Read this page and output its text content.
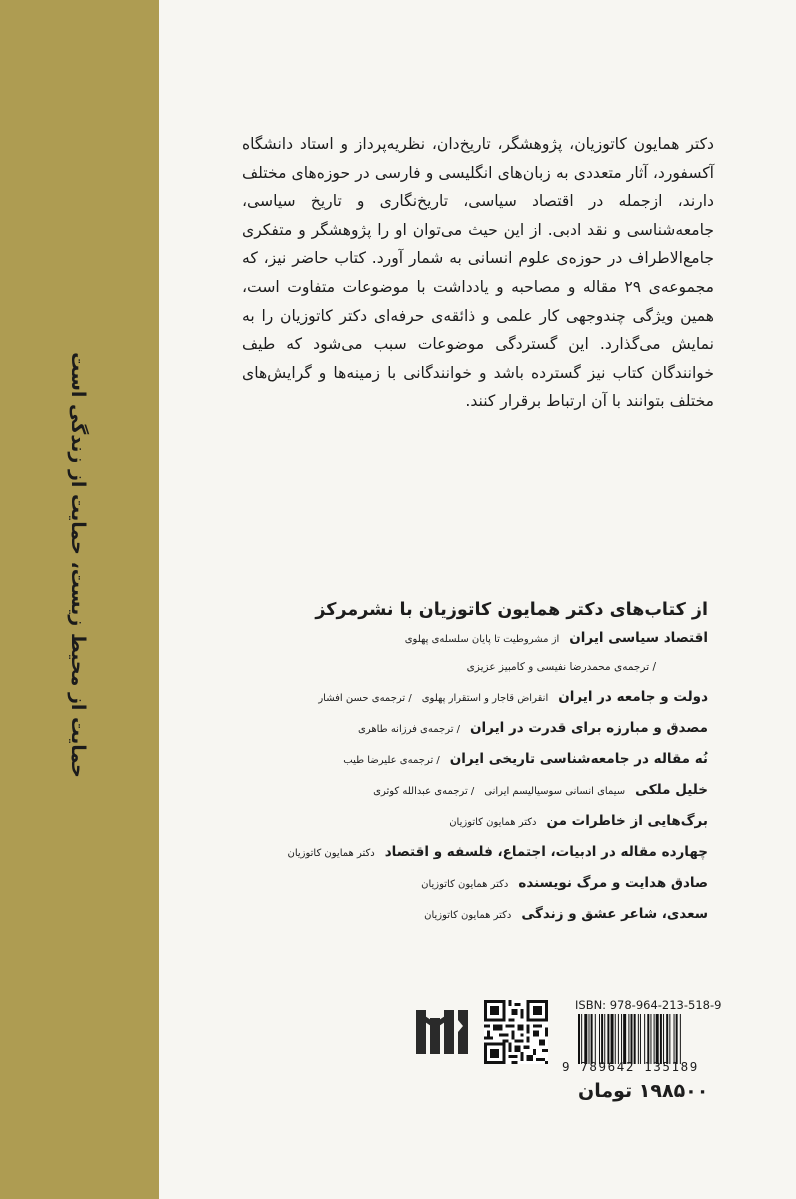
حمایت از محیط زیست، حمایت از زندگی است

دکتر همایون کاتوزیان، پژوهشگر، تاریخ‌دان، نظریه‌پرداز و استاد دانشگاه آکسفورد، آثار متعددی به زبان‌های انگلیسی و فارسی در حوزه‌های مختلف دارند، ازجمله در اقتصاد سیاسی، تاریخ‌نگاری و تاریخ سیاسی، جامعه‌شناسی و نقد ادبی. از این حیث می‌توان او را پژوهشگر و متفکری جامع‌الاطراف در حوزه‌ی علوم انسانی به شمار آورد. کتاب حاضر نیز، که مجموعه‌ی ۲۹ مقاله و مصاحبه و یادداشت با موضوعات متفاوت است، همین ویژگی چندوجهی کار علمی و ذائقه‌ی حرفه‌ای دکتر کاتوزیان را به نمایش می‌گذارد. این گستردگی موضوعات سبب می‌شود که طیف خوانندگان کتاب نیز گسترده باشد و خوانندگانی با زمینه‌ها و گرایش‌های مختلف بتوانند با آن ارتباط برقرار کنند.

از کتاب‌های دکتر همایون کاتوزیان با نشرمرکز
اقتصاد سیاسی ایران از مشروطیت تا پایان سلسله‌ی پهلوی
/ ترجمه‌ی محمدرضا نفیسی و کامبیز عزیزی
دولت و جامعه در ایران انقراض قاجار و استقرار پهلوی / ترجمه‌ی حسن افشار
مصدق و مبارزه برای قدرت در ایران / ترجمه‌ی فرزانه طاهری
نُه مقاله در جامعه‌شناسی تاریخی ایران / ترجمه‌ی علیرضا طیب
خلیل ملکی سیمای انسانی سوسیالیسم ایرانی / ترجمه‌ی عبدالله کوثری
برگ‌هایی از خاطرات من دکتر همایون کاتوزیان
چهارده مقاله در ادبیات، اجتماع، فلسفه و اقتصاد دکتر همایون کاتوزیان
صادق هدایت و مرگ نویسنده دکتر همایون کاتوزیان
سعدی، شاعر عشق و زندگی دکتر همایون کاتوزیان
ISBN: 978-964-213-518-9
9 789642 135189
۱۹۸۵۰۰ تومان
